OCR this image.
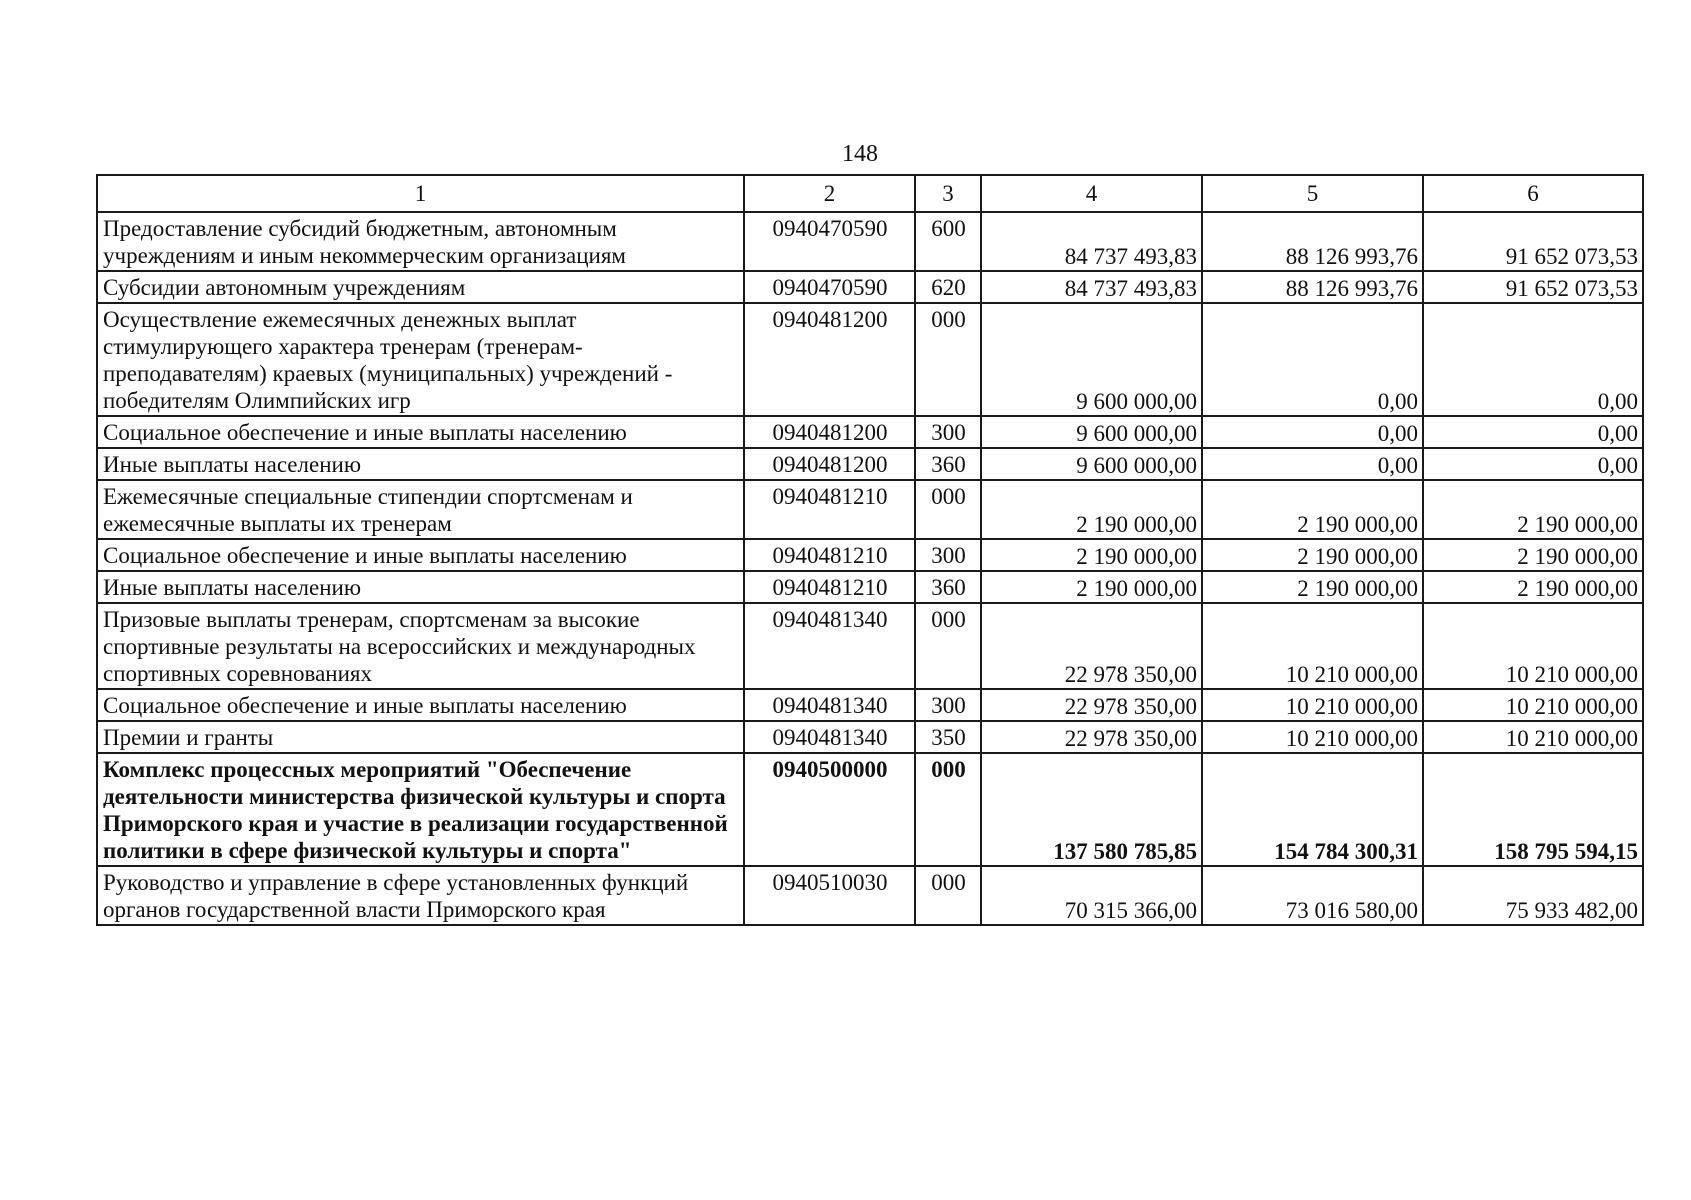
148
1	2	3	4	5	6
Предоставление субсидий бюджетным, автономным учреждениям и иным некоммерческим организациям	0940470590	600	84 737 493,83	88 126 993,76	91 652 073,53
Субсидии автономным учреждениям	0940470590	620	84 737 493,83	88 126 993,76	91 652 073,53
Осуществление ежемесячных денежных выплат стимулирующего характера тренерам (тренерам-преподавателям) краевых (муниципальных) учреждений - победителям Олимпийских игр	0940481200	000	9 600 000,00	0,00	0,00
Социальное обеспечение и иные выплаты населению	0940481200	300	9 600 000,00	0,00	0,00
Иные выплаты населению	0940481200	360	9 600 000,00	0,00	0,00
Ежемесячные специальные стипендии спортсменам и ежемесячные выплаты их тренерам	0940481210	000	2 190 000,00	2 190 000,00	2 190 000,00
Социальное обеспечение и иные выплаты населению	0940481210	300	2 190 000,00	2 190 000,00	2 190 000,00
Иные выплаты населению	0940481210	360	2 190 000,00	2 190 000,00	2 190 000,00
Призовые выплаты тренерам, спортсменам за высокие спортивные результаты на всероссийских и международных спортивных соревнованиях	0940481340	000	22 978 350,00	10 210 000,00	10 210 000,00
Социальное обеспечение и иные выплаты населению	0940481340	300	22 978 350,00	10 210 000,00	10 210 000,00
Премии и гранты	0940481340	350	22 978 350,00	10 210 000,00	10 210 000,00
Комплекс процессных мероприятий "Обеспечение деятельности министерства физической культуры и спорта Приморского края и участие в реализации государственной политики в сфере физической культуры и спорта"	0940500000	000	137 580 785,85	154 784 300,31	158 795 594,15
Руководство и управление в сфере установленных функций органов государственной власти Приморского края	0940510030	000	70 315 366,00	73 016 580,00	75 933 482,00
